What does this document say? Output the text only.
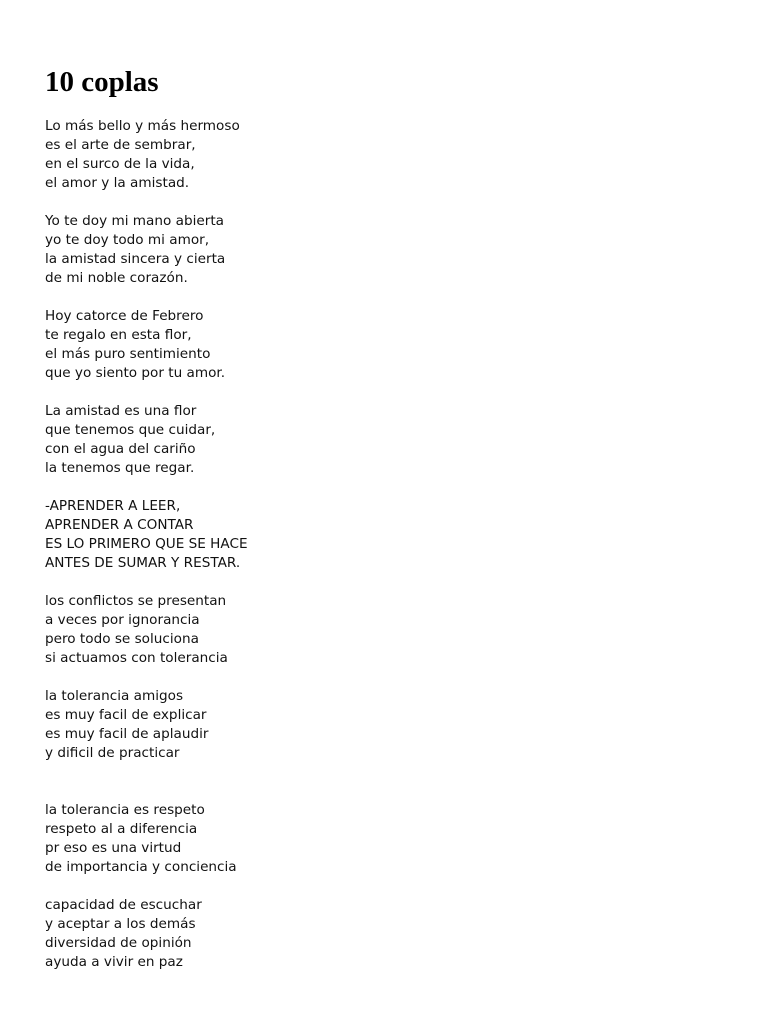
10 coplas
Lo más bello y más hermoso
es el arte de sembrar,
en el surco de la vida,
el amor y la amistad.
Yo te doy mi mano abierta
yo te doy todo mi amor,
la amistad sincera y cierta
de mi noble corazón.
Hoy catorce de Febrero
te regalo en esta flor,
el más puro sentimiento
que yo siento por tu amor.
La amistad es una flor
que tenemos que cuidar,
con el agua del cariño
la tenemos que regar.
-APRENDER A LEER,
APRENDER A CONTAR
ES LO PRIMERO QUE SE HACE
ANTES DE SUMAR Y RESTAR.
los conflictos se presentan
a veces por ignorancia
pero todo se soluciona
si actuamos con tolerancia
la tolerancia amigos
es muy facil de explicar
es muy facil de aplaudir
y dificil de practicar
la tolerancia es respeto
respeto al a diferencia
pr eso es una virtud
de importancia y conciencia
capacidad de escuchar
y aceptar a los demás
diversidad de opinión
ayuda a vivir en paz
